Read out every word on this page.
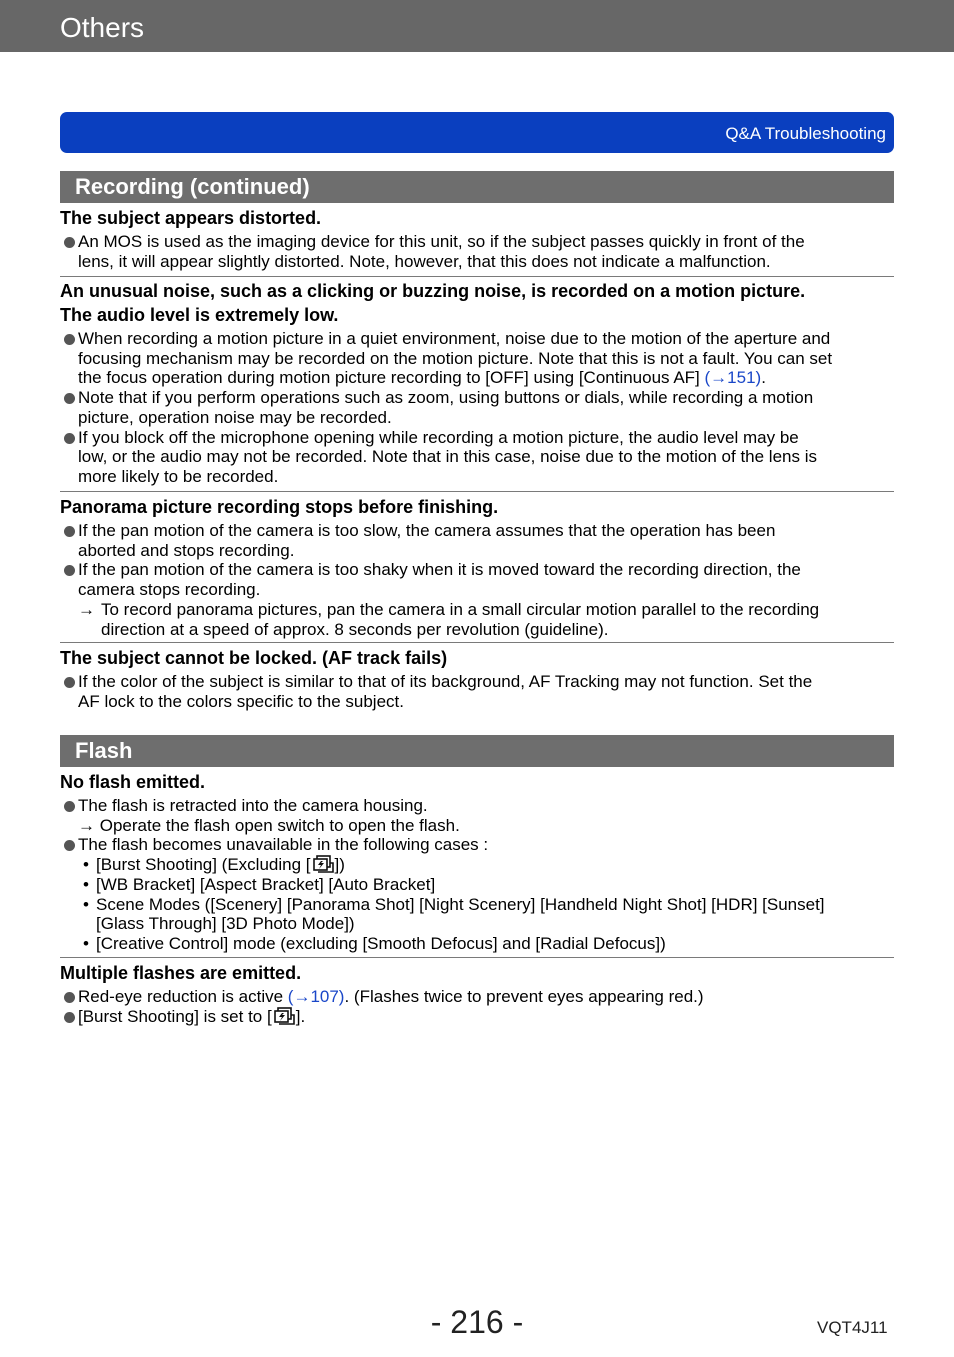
Others
Q&A Troubleshooting
Recording (continued)
The subject appears distorted.
An MOS is used as the imaging device for this unit, so if the subject passes quickly in front of the
lens, it will appear slightly distorted. Note, however, that this does not indicate a malfunction.
An unusual noise, such as a clicking or buzzing noise, is recorded on a motion picture.
The audio level is extremely low.
When recording a motion picture in a quiet environment, noise due to the motion of the aperture and
focusing mechanism may be recorded on the motion picture. Note that this is not a fault. You can set
the focus operation during motion picture recording to [OFF] using [Continuous AF] (→151).
Note that if you perform operations such as zoom, using buttons or dials, while recording a motion
picture, operation noise may be recorded.
If you block off the microphone opening while recording a motion picture, the audio level may be
low, or the audio may not be recorded. Note that in this case, noise due to the motion of the lens is
more likely to be recorded.
Panorama picture recording stops before finishing.
If the pan motion of the camera is too slow, the camera assumes that the operation has been
aborted and stops recording.
If the pan motion of the camera is too shaky when it is moved toward the recording direction, the
camera stops recording.
→ To record panorama pictures, pan the camera in a small circular motion parallel to the recording
direction at a speed of approx. 8 seconds per revolution (guideline).
The subject cannot be locked. (AF track fails)
If the color of the subject is similar to that of its background, AF Tracking may not function. Set the
AF lock to the colors specific to the subject.
Flash
No flash emitted.
The flash is retracted into the camera housing.
→ Operate the flash open switch to open the flash.
The flash becomes unavailable in the following cases :
• [Burst Shooting] (Excluding [ ])
• [WB Bracket] [Aspect Bracket] [Auto Bracket]
• Scene Modes ([Scenery] [Panorama Shot] [Night Scenery] [Handheld Night Shot] [HDR] [Sunset]
[Glass Through] [3D Photo Mode])
• [Creative Control] mode (excluding [Smooth Defocus] and [Radial Defocus])
Multiple flashes are emitted.
Red-eye reduction is active (→107). (Flashes twice to prevent eyes appearing red.)
[Burst Shooting] is set to [ ].
- 216 -	VQT4J11
